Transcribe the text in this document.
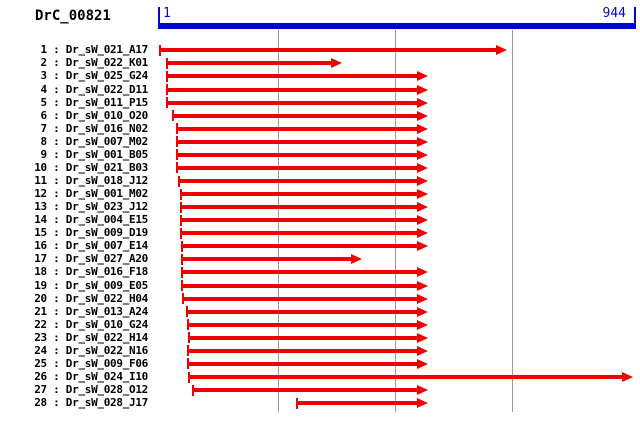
DrC_00821	1	944
1 : Dr_sW_021_A17
2 : Dr_sW_022_K01
3 : Dr_sW_025_G24
4 : Dr_sW_022_D11
5 : Dr_sW_011_P15
6 : Dr_sW_010_O20
7 : Dr_sW_016_N02
8 : Dr_sW_007_M02
9 : Dr_sW_001_B05
10 : Dr_sW_021_B03
11 : Dr_sW_018_J12
12 : Dr_sW_001_M02
13 : Dr_sW_023_J12
14 : Dr_sW_004_E15
15 : Dr_sW_009_D19
16 : Dr_sW_007_E14
17 : Dr_sW_027_A20
18 : Dr_sW_016_F18
19 : Dr_sW_009_E05
20 : Dr_sW_022_H04
21 : Dr_sW_013_A24
22 : Dr_sW_010_G24
23 : Dr_sW_022_H14
24 : Dr_sW_022_N16
25 : Dr_sW_009_F06
26 : Dr_sW_024_I10
27 : Dr_sW_028_O12
28 : Dr_sW_028_J17
